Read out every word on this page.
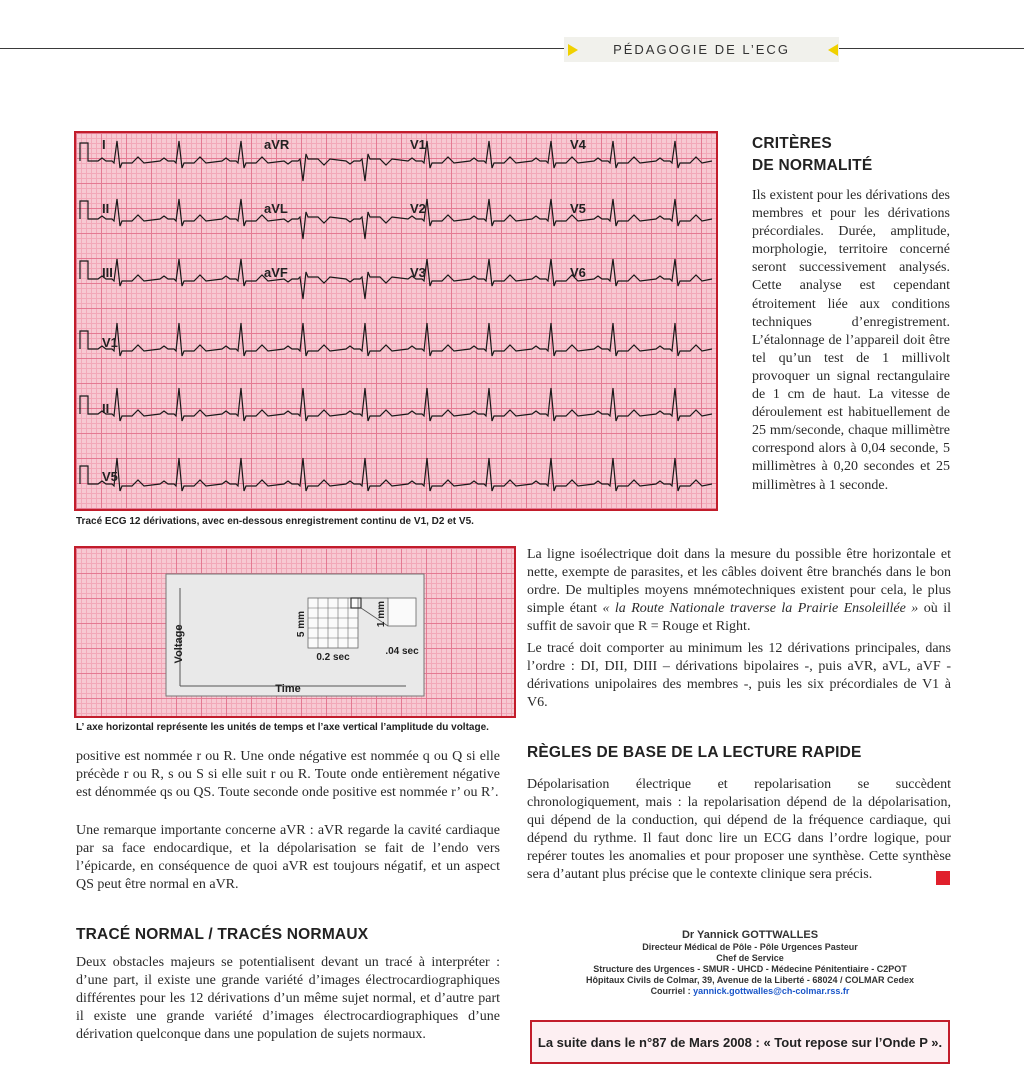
PÉDAGOGIE DE L’ECG
I	aVR	V1	V4
II	aVL	V2	V5
III	aVF	V3	V6
V1
II
V5
Tracé ECG 12 dérivations, avec en-dessous enregistrement continu de V1, D2 et V5.
Voltage
5 mm	1 mm
0.2 sec
.04 sec
Time
L’ axe horizontal représente les unités de temps et l’axe vertical l’amplitude du voltage.
CRITÈRES
DE NORMALITÉ
Ils existent pour les dérivations des membres et pour les dérivations précordiales. Durée, amplitude, morphologie, territoire concerné seront successivement analysés. Cette analyse est cependant étroitement liée aux conditions techniques d’enregistrement. L’étalonnage de l’appareil doit être tel qu’un test de 1 millivolt provoquer un signal rectangulaire de 1 cm de haut. La vitesse de déroulement est habituellement de 25 mm/seconde, chaque millimètre correspond alors à 0,04 seconde, 5 millimètres à 0,20 secondes et 25 millimètres à 1 seconde.
La ligne isoélectrique doit dans la mesure du possible être horizontale et nette, exempte de parasites, et les câbles doivent être branchés dans le bon ordre. De multiples moyens mnémotechniques existent pour cela, le plus simple étant « la Route Nationale traverse la Prairie Ensoleillée » où il suffit de savoir que R = Rouge et Right.
Le tracé doit comporter au minimum les 12 dérivations principales, dans l’ordre : DI, DII, DIII – dérivations bipolaires -, puis aVR, aVL, aVF - dérivations unipolaires des membres -, puis les six précordiales de V1 à V6.
RÈGLES DE BASE DE LA LECTURE RAPIDE
Dépolarisation électrique et repolarisation se succèdent chronologiquement, mais : la repolarisation dépend de la dépolarisation, qui dépend de la conduction, qui dépend de la fréquence cardiaque, qui dépend du rythme. Il faut donc lire un ECG dans l’ordre logique, pour repérer toutes les anomalies et pour proposer une synthèse. Cette synthèse sera d’autant plus précise que le contexte clinique sera précis.
positive est nommée r ou R. Une onde négative est nommée q ou Q si elle précède r ou R, s ou S si elle suit r ou R. Toute onde entièrement négative est dénommée qs ou QS. Toute seconde onde positive est nommée r’ ou R’.
Une remarque importante concerne aVR : aVR regarde la cavité cardiaque par sa face endocardique, et la dépolarisation se fait de l’endo vers l’épicarde, en conséquence de quoi aVR est toujours négatif, et un aspect QS peut être normal en aVR.
TRACÉ NORMAL / TRACÉS NORMAUX
Deux obstacles majeurs se potentialisent devant un tracé à interpréter : d’une part, il existe une grande variété d’images électrocardiographiques différentes pour les 12 dérivations d’un même sujet normal, et d’autre part il existe une grande variété d’images électrocardiographiques d’une dérivation quelconque dans une population de sujets normaux.
Dr Yannick GOTTWALLES
Directeur Médical de Pôle - Pôle Urgences Pasteur
Chef de Service
Structure des Urgences - SMUR - UHCD - Médecine Pénitentiaire - C2POT
Hôpitaux Civils de Colmar, 39, Avenue de la Liberté - 68024 / COLMAR Cedex
Courriel : yannick.gottwalles@ch-colmar.rss.fr
La suite dans le n°87 de Mars 2008 : « Tout repose sur l’Onde P ».
